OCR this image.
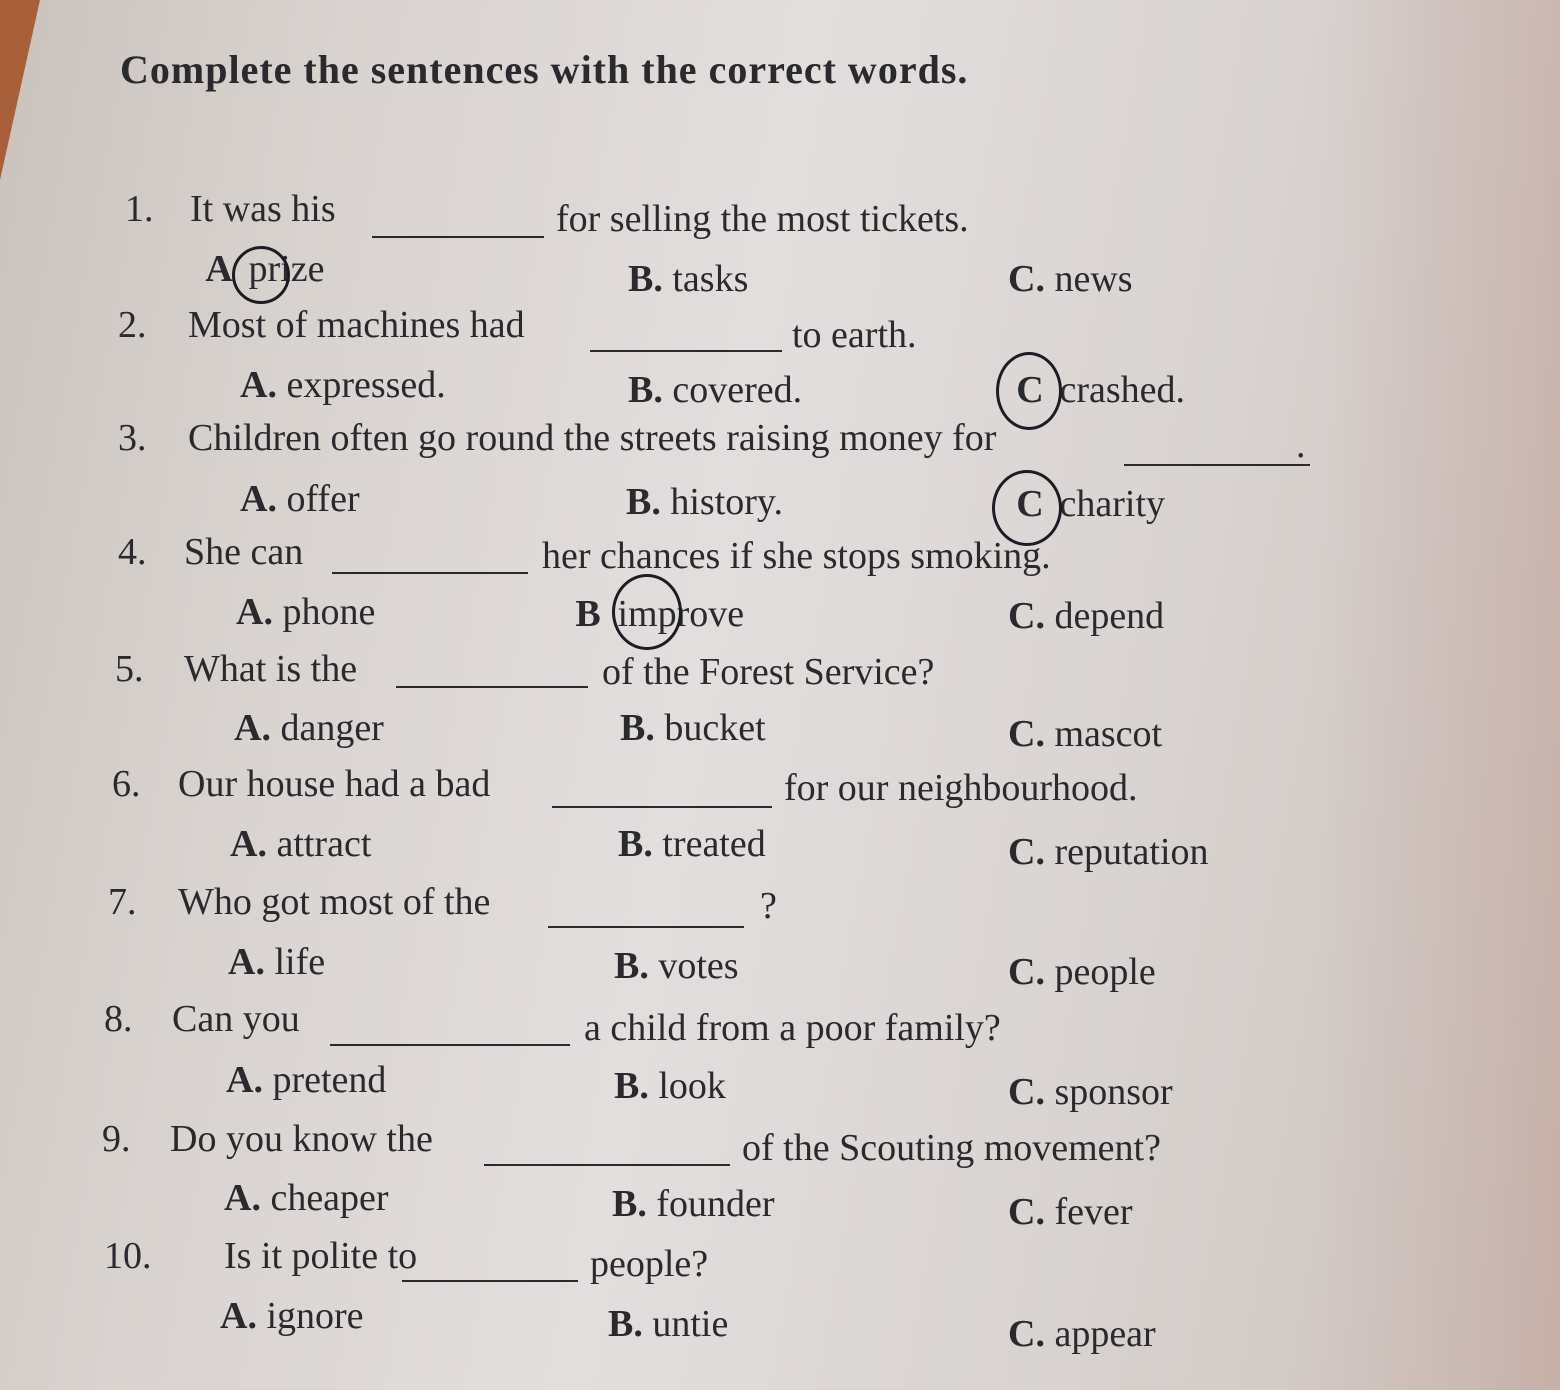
Complete the sentences with the correct words.
1. It was his	for selling the most tickets.
A prize	B. tasks	C. news
2. Most of machines had	to earth.
A. expressed.	B. covered.	C crashed.
3. Children often go round the streets raising money for	.
A. offer	B. history.	C charity
4. She can	her chances if she stops smoking.
A. phone	B improve	C. depend
5. What is the	of the Forest Service?
A. danger	B. bucket	C. mascot
6. Our house had a bad	for our neighbourhood.
A. attract	B. treated	C. reputation
7. Who got most of the	?
A. life	B. votes	C. people
8. Can you	a child from a poor family?
A. pretend	B. look	C. sponsor
9. Do you know the	of the Scouting movement?
A. cheaper	B. founder	C. fever
10. Is it polite to	people?
A. ignore	B. untie	C. appear
